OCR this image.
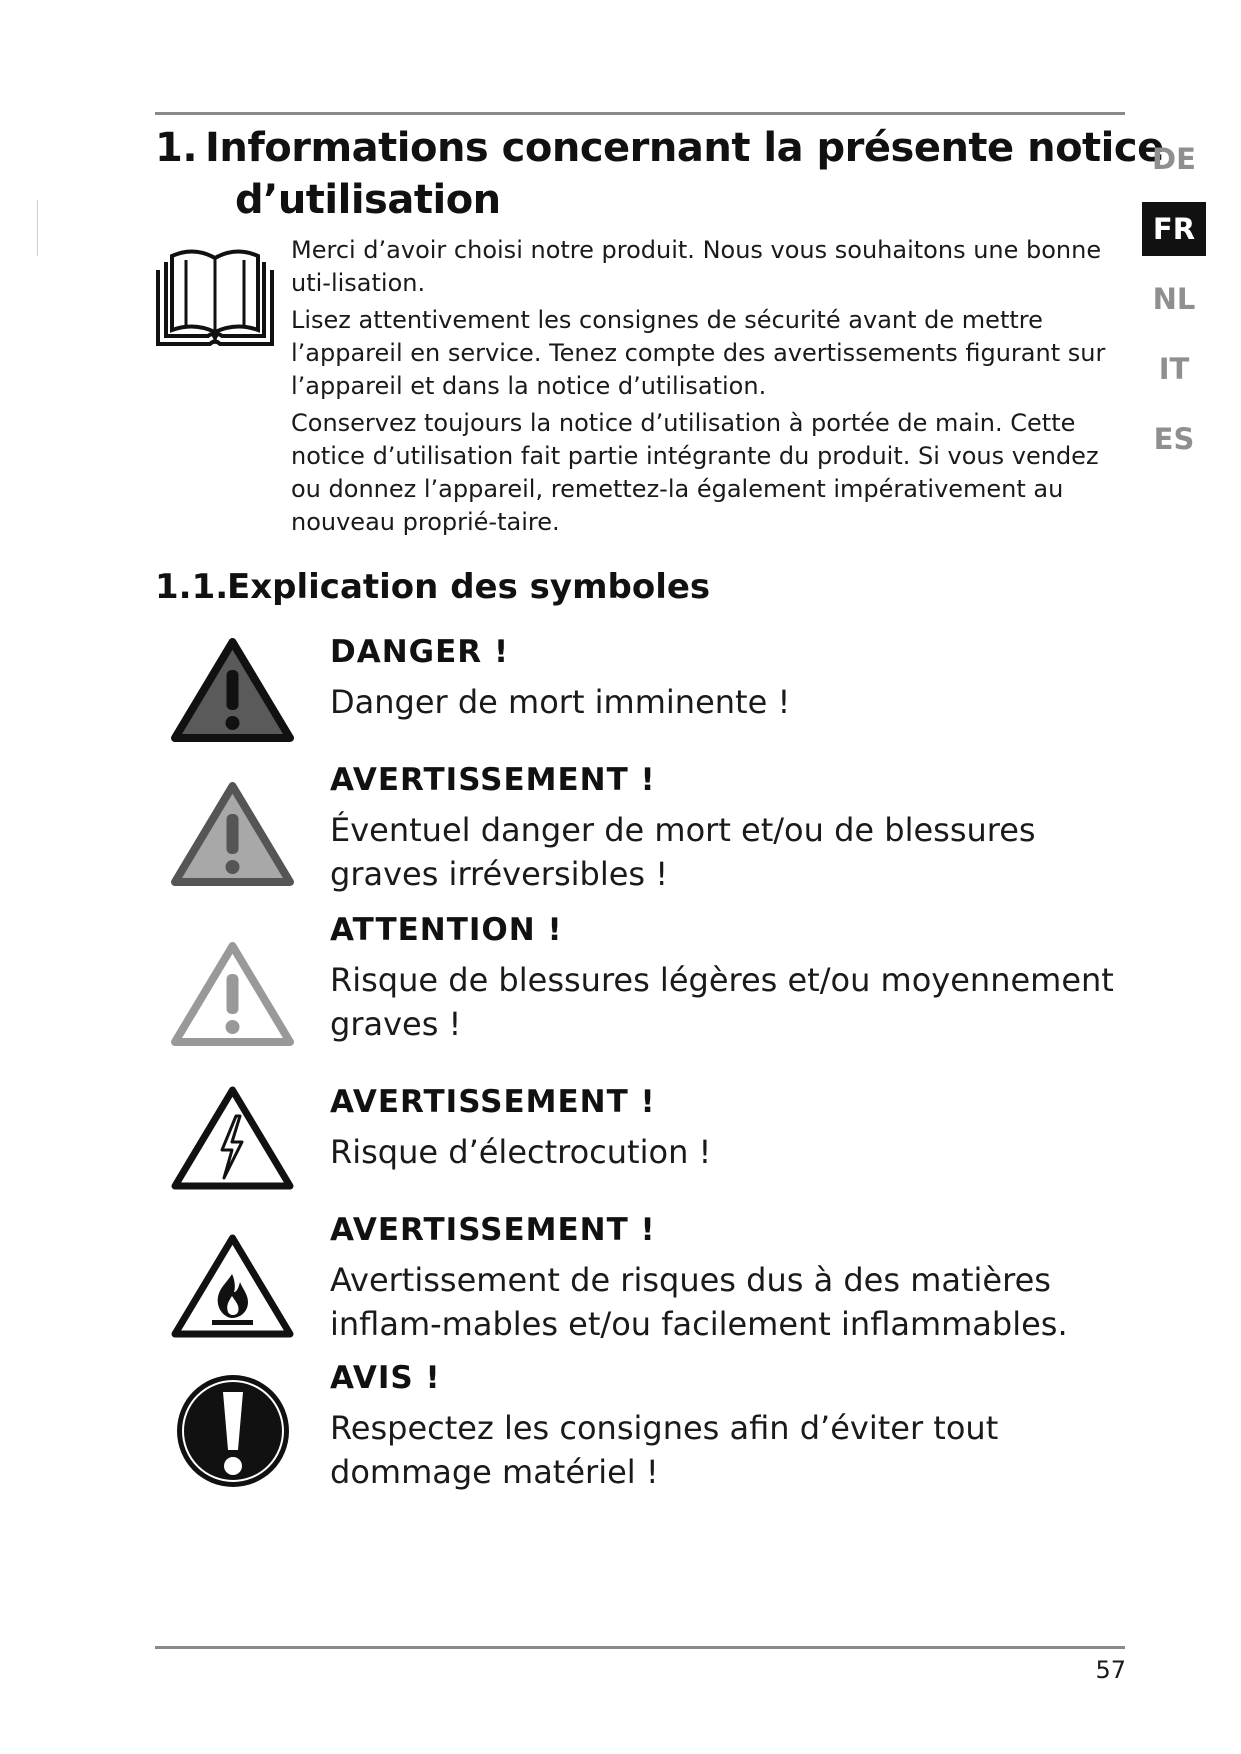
1. Informations concernant la présente notice
d’utilisation

Merci d’avoir choisi notre produit. Nous vous souhaitons une bonne uti-lisation.

Lisez attentivement les consignes de sécurité avant de mettre l’appareil en service. Tenez compte des avertissements figurant sur l’appareil et dans la notice d’utilisation.

Conservez toujours la notice d’utilisation à portée de main. Cette notice d’utilisation fait partie intégrante du produit. Si vous vendez ou donnez l’appareil, remettez-la également impérativement au nouveau proprié-taire.

1.1.Explication des symboles
DANGER !
Danger de mort imminente !
AVERTISSEMENT !
Éventuel danger de mort et/ou de blessures graves irréversibles !
ATTENTION !
Risque de blessures légères et/ou moyennement graves !
AVERTISSEMENT !
Risque d’électrocution !
AVERTISSEMENT !
Avertissement de risques dus à des matières inflam-mables et/ou facilement inflammables.
AVIS !
Respectez les consignes afin d’éviter tout dommage matériel !
DE
FR
NL
IT
ES
57
